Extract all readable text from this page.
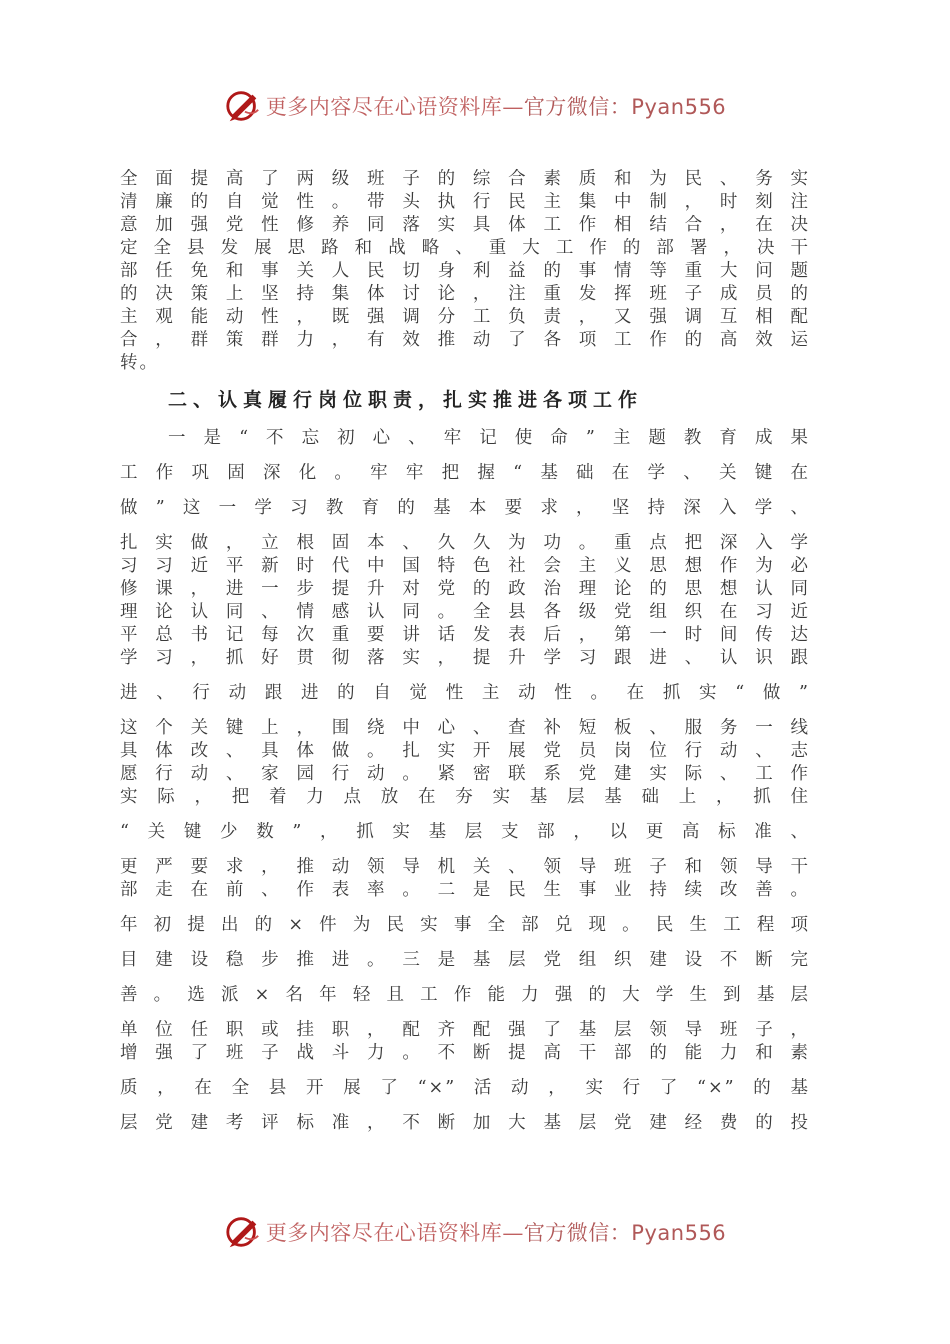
更多内容尽在心语资料库—官方微信：Pyan556
全面提高了两级班子的综合素质和为民、务实
清廉的自觉性。带头执行民主集中制，时刻注
意加强党性修养同落实具体工作相结合，在决
定全县发展思路和战略、重大工作的部署，决干
部任免和事关人民切身利益的事情等重大问题
的决策上坚持集体讨论，注重发挥班子成员的
主观能动性，既强调分工负责，又强调互相配
合，群策群力，有效推动了各项工作的高效运
转。
二、认真履行岗位职责，扎实推进各项工作
一是“不忘初心、牢记使命”主题教育成果
工作巩固深化。牢牢把握“基础在学、关键在
做”这一学习教育的基本要求，坚持深入学、
扎实做，立根固本、久久为功。重点把深入学
习习近平新时代中国特色社会主义思想作为必
修课，进一步提升对党的政治理论的思想认同
理论认同、情感认同。全县各级党组织在习近
平总书记每次重要讲话发表后，第一时间传达
学习，抓好贯彻落实，提升学习跟进、认识跟
进、行动跟进的自觉性主动性。在抓实“做”
这个关键上，围绕中心、查补短板、服务一线
具体改、具体做。扎实开展党员岗位行动、志
愿行动、家园行动。紧密联系党建实际、工作
实际，把着力点放在夯实基层基础上，抓住
“关键少数”，抓实基层支部，以更高标准、
更严要求，推动领导机关、领导班子和领导干
部走在前、作表率。二是民生事业持续改善。
年初提出的×件为民实事全部兑现。民生工程项
目建设稳步推进。三是基层党组织建设不断完
善。选派×名年轻且工作能力强的大学生到基层
单位任职或挂职，配齐配强了基层领导班子，
增强了班子战斗力。不断提高干部的能力和素
质，在全县开展了“×”活动，实行了“×”的基
层党建考评标准，不断加大基层党建经费的投
更多内容尽在心语资料库—官方微信：Pyan556
